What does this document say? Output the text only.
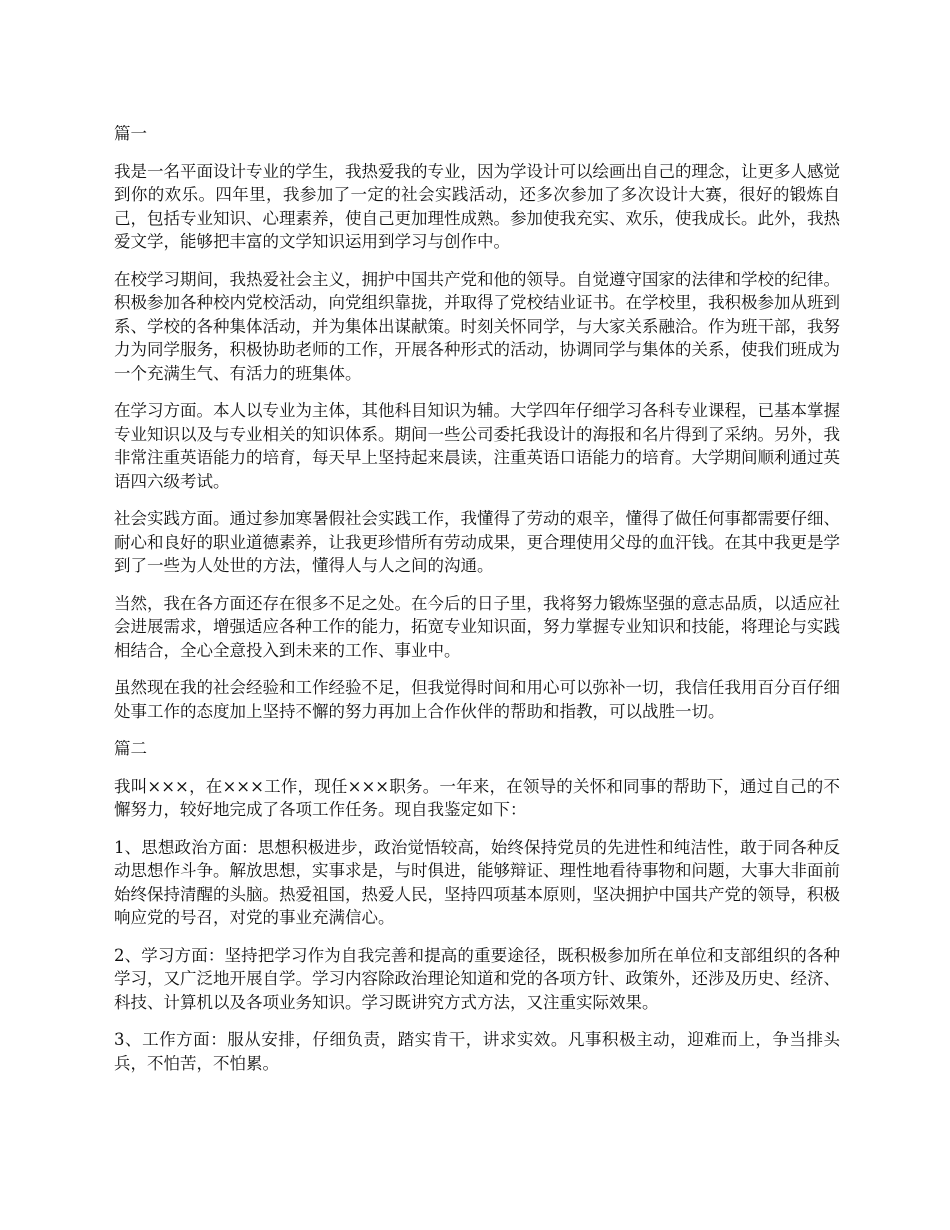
篇一

我是一名平面设计专业的学生，我热爱我的专业，因为学设计可以绘画出自己的理念，让更多人感觉到你的欢乐。四年里，我参加了一定的社会实践活动，还多次参加了多次设计大赛，很好的锻炼自己，包括专业知识、心理素养，使自己更加理性成熟。参加使我充实、欢乐，使我成长。此外，我热爱文学，能够把丰富的文学知识运用到学习与创作中。

在校学习期间，我热爱社会主义，拥护中国共产党和他的领导。自觉遵守国家的法律和学校的纪律。积极参加各种校内党校活动，向党组织靠拢，并取得了党校结业证书。在学校里，我积极参加从班到系、学校的各种集体活动，并为集体出谋献策。时刻关怀同学，与大家关系融洽。作为班干部，我努力为同学服务，积极协助老师的工作，开展各种形式的活动，协调同学与集体的关系，使我们班成为一个充满生气、有活力的班集体。

在学习方面。本人以专业为主体，其他科目知识为辅。大学四年仔细学习各科专业课程，已基本掌握专业知识以及与专业相关的知识体系。期间一些公司委托我设计的海报和名片得到了采纳。另外，我非常注重英语能力的培育，每天早上坚持起来晨读，注重英语口语能力的培育。大学期间顺利通过英语四六级考试。

社会实践方面。通过参加寒暑假社会实践工作，我懂得了劳动的艰辛，懂得了做任何事都需要仔细、耐心和良好的职业道德素养，让我更珍惜所有劳动成果，更合理使用父母的血汗钱。在其中我更是学到了一些为人处世的方法，懂得人与人之间的沟通。

当然，我在各方面还存在很多不足之处。在今后的日子里，我将努力锻炼坚强的意志品质，以适应社会进展需求，增强适应各种工作的能力，拓宽专业知识面，努力掌握专业知识和技能，将理论与实践相结合，全心全意投入到未来的工作、事业中。

虽然现在我的社会经验和工作经验不足，但我觉得时间和用心可以弥补一切，我信任我用百分百仔细处事工作的态度加上坚持不懈的努力再加上合作伙伴的帮助和指教，可以战胜一切。

篇二

我叫×××，在×××工作，现任×××职务。一年来，在领导的关怀和同事的帮助下，通过自己的不懈努力，较好地完成了各项工作任务。现自我鉴定如下：

1、思想政治方面：思想积极进步，政治觉悟较高，始终保持党员的先进性和纯洁性，敢于同各种反动思想作斗争。解放思想，实事求是，与时俱进，能够辩证、理性地看待事物和问题，大事大非面前始终保持清醒的头脑。热爱祖国，热爱人民，坚持四项基本原则，坚决拥护中国共产党的领导，积极响应党的号召，对党的事业充满信心。

2、学习方面：坚持把学习作为自我完善和提高的重要途径，既积极参加所在单位和支部组织的各种学习，又广泛地开展自学。学习内容除政治理论知道和党的各项方针、政策外，还涉及历史、经济、科技、计算机以及各项业务知识。学习既讲究方式方法，又注重实际效果。

3、工作方面：服从安排，仔细负责，踏实肯干，讲求实效。凡事积极主动，迎难而上，争当排头兵，不怕苦，不怕累。
